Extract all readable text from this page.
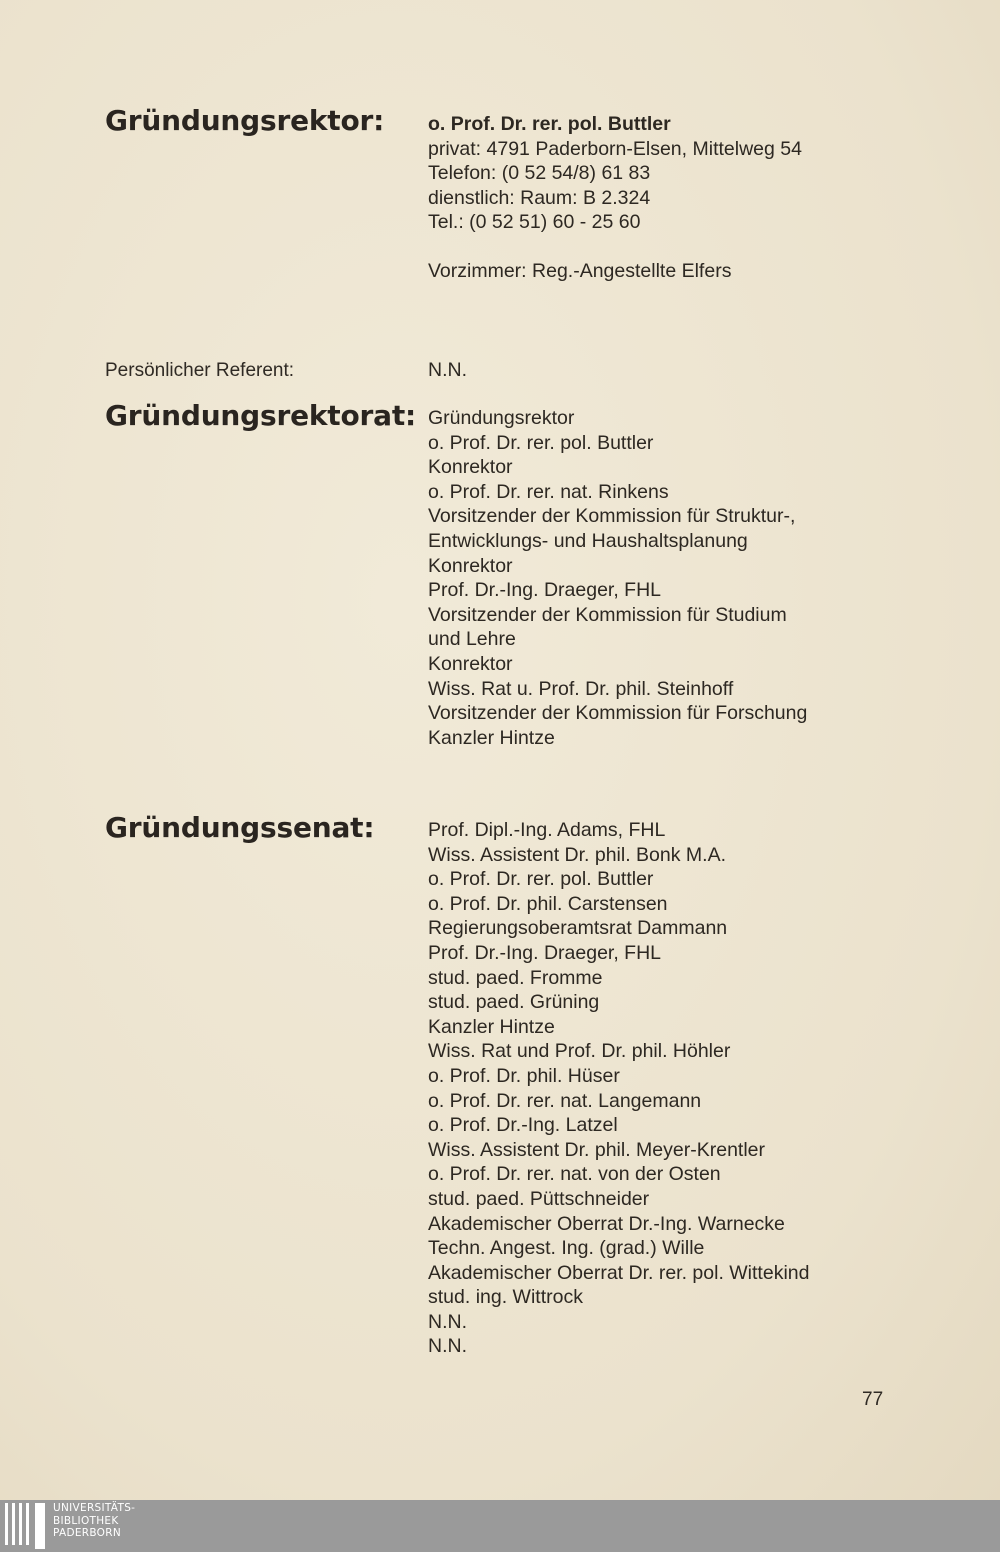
Gründungsrektor: o. Prof. Dr. rer. pol. Buttler
privat: 4791 Paderborn-Elsen, Mittelweg 54
Telefon: (0 52 54/8) 61 83
dienstlich: Raum: B 2.324
Tel.: (0 52 51) 60 - 25 60
Vorzimmer: Reg.-Angestellte Elfers
Persönlicher Referent:	N.N.
Gründungsrektorat: Gründungsrektor
o. Prof. Dr. rer. pol. Buttler
Konrektor
o. Prof. Dr. rer. nat. Rinkens
Vorsitzender der Kommission für Struktur-,
Entwicklungs- und Haushaltsplanung
Konrektor
Prof. Dr.-Ing. Draeger, FHL
Vorsitzender der Kommission für Studium
und Lehre
Konrektor
Wiss. Rat u. Prof. Dr. phil. Steinhoff
Vorsitzender der Kommission für Forschung
Kanzler Hintze
Gründungssenat:	Prof. Dipl.-Ing. Adams, FHL
Wiss. Assistent Dr. phil. Bonk M.A.
o. Prof. Dr. rer. pol. Buttler
o. Prof. Dr. phil. Carstensen
Regierungsoberamtsrat Dammann
Prof. Dr.-Ing. Draeger, FHL
stud. paed. Fromme
stud. paed. Grüning
Kanzler Hintze
Wiss. Rat und Prof. Dr. phil. Höhler
o. Prof. Dr. phil. Hüser
o. Prof. Dr. rer. nat. Langemann
o. Prof. Dr.-Ing. Latzel
Wiss. Assistent Dr. phil. Meyer-Krentler
o. Prof. Dr. rer. nat. von der Osten
stud. paed. Püttschneider
Akademischer Oberrat Dr.-Ing. Warnecke
Techn. Angest. Ing. (grad.) Wille
Akademischer Oberrat Dr. rer. pol. Wittekind
stud. ing. Wittrock
N.N.
N.N.
77
UNIVERSITÄTS-
BIBLIOTHEK
PADERBORN
